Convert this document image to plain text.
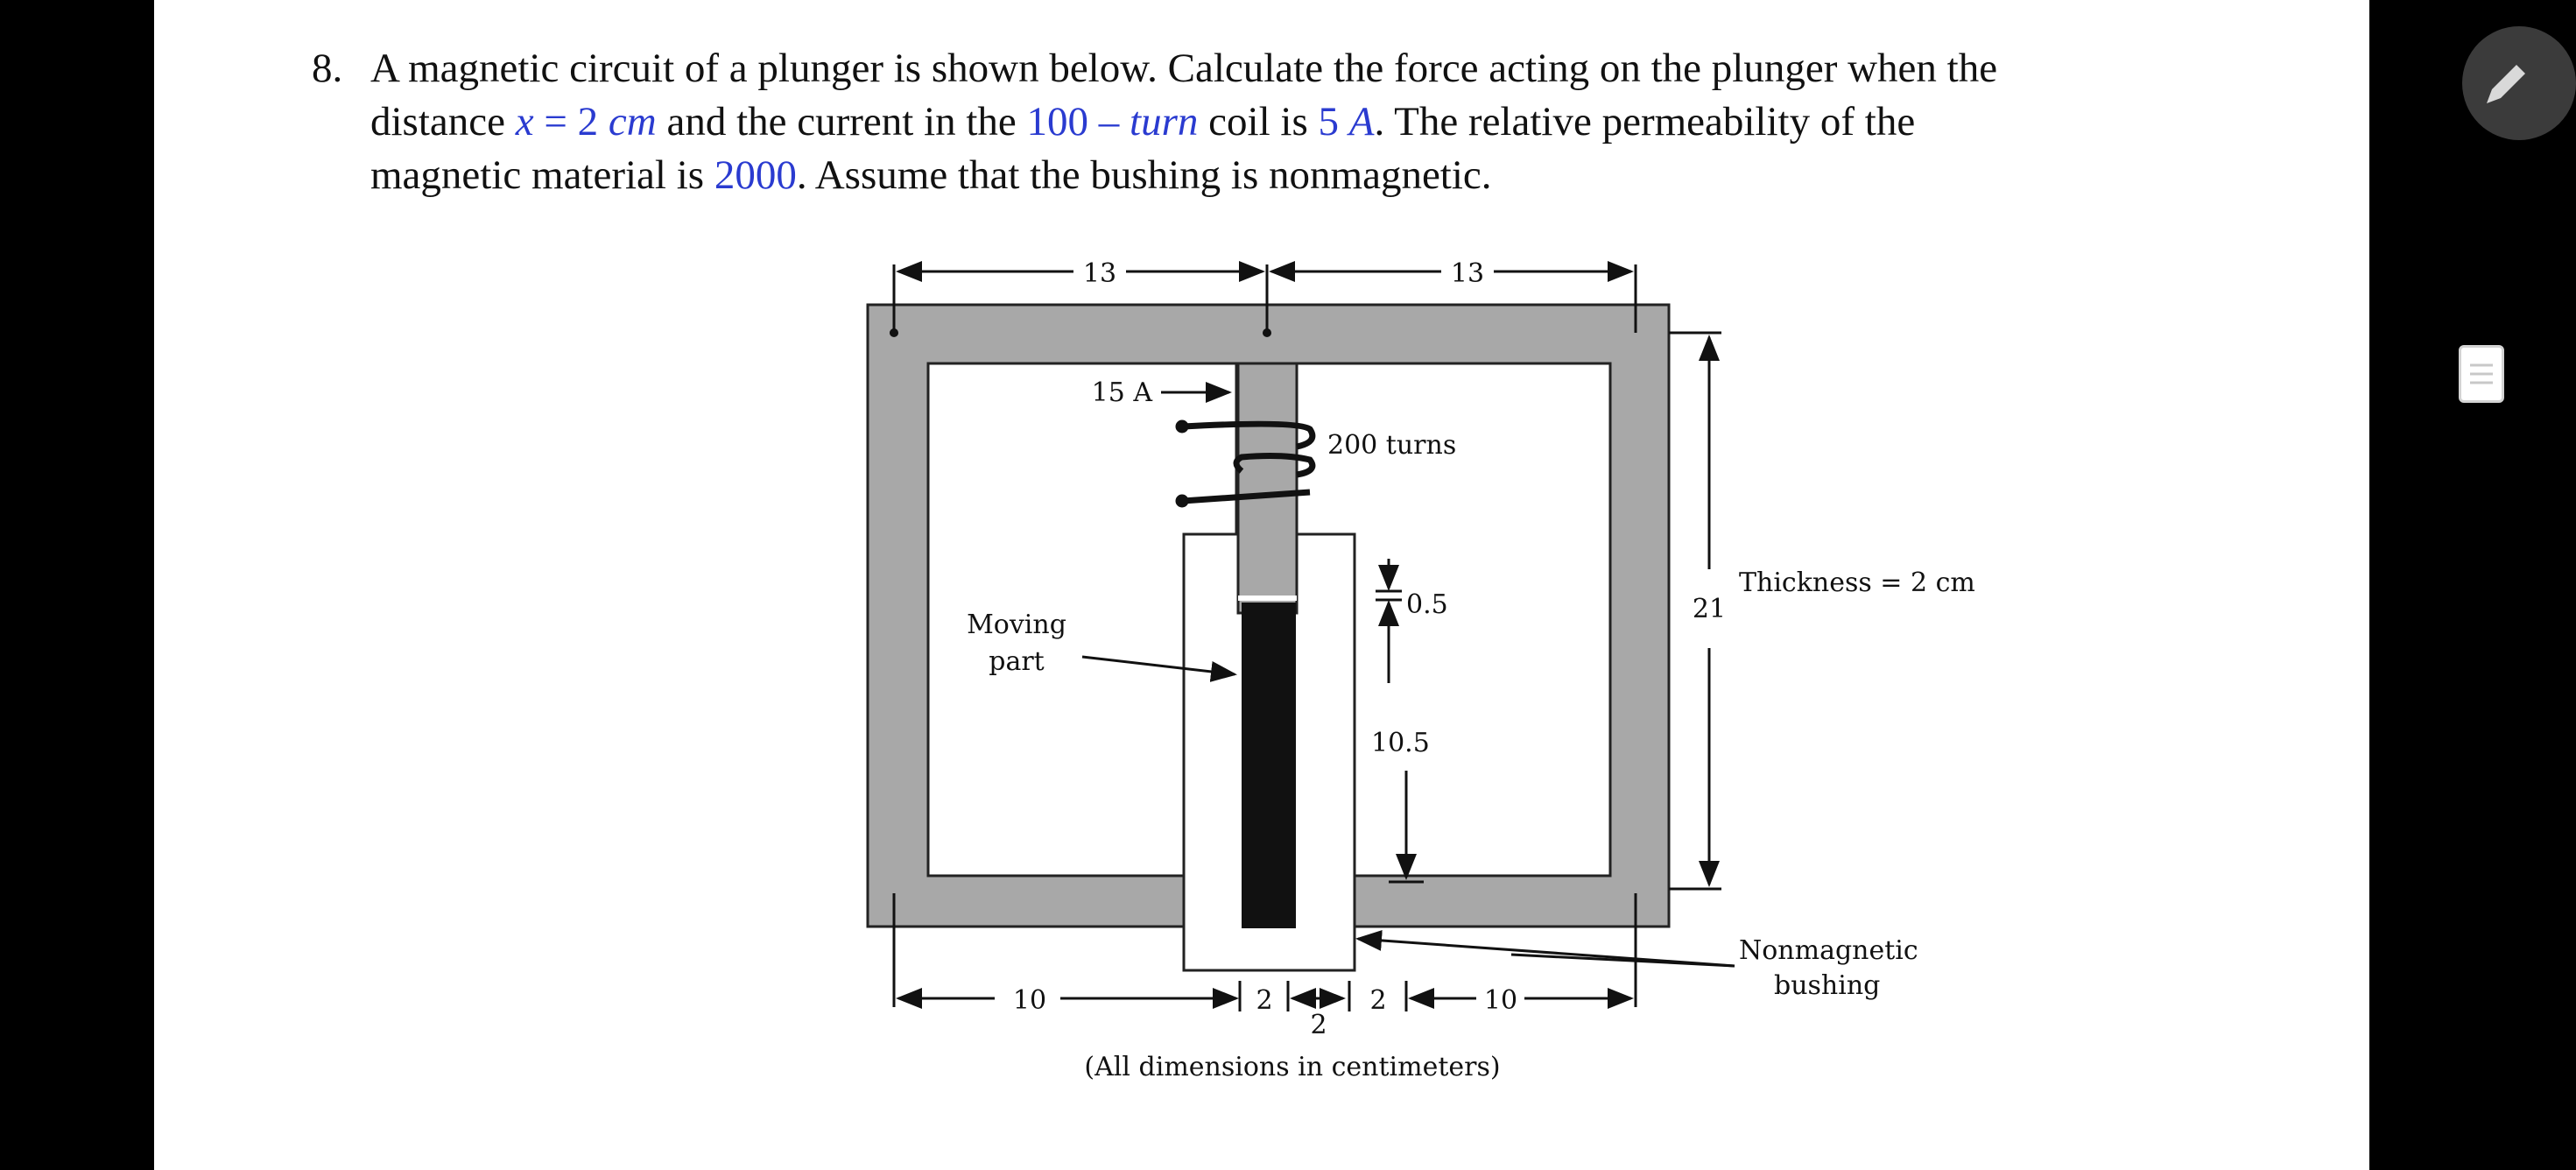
8. A magnetic circuit of a plunger is shown below. Calculate the force acting on the plunger when the
distance x = 2 cm and the current in the 100 – turn coil is 5 A. The relative permeability of the
magnetic material is 2000. Assume that the bushing is nonmagnetic.
13	13
15 A
200 turns
0.5
Thickness = 2 cm
21
Moving
part
10.5
Nonmagnetic
bushing
10	2	2
2
10
(All dimensions in centimeters)
